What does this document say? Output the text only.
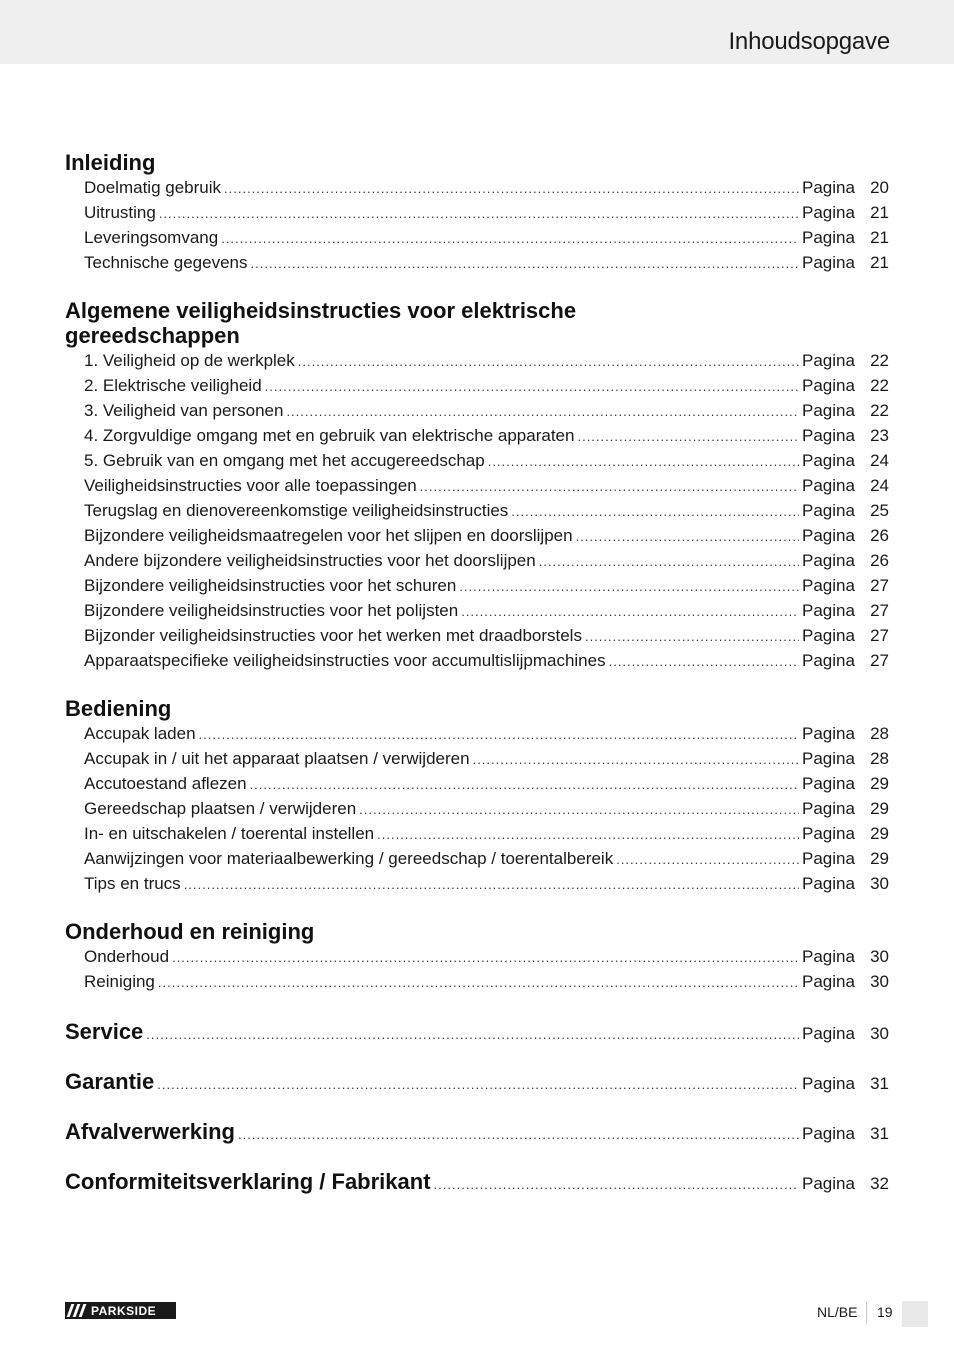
Inhoudsopgave
Inleiding
Doelmatig gebruik .....	Pagina 20
Uitrusting .....	Pagina 21
Leveringsomvang .....	Pagina 21
Technische gegevens .....	Pagina 21
Algemene veiligheidsinstructies voor elektrische
gereedschappen
1. Veiligheid op de werkplek .....	Pagina 22
2. Elektrische veiligheid .....	Pagina 22
3. Veiligheid van personen .....	Pagina 22
4. Zorgvuldige omgang met en gebruik van elektrische apparaten .....	Pagina 23
5. Gebruik van en omgang met het accugereedschap .....	Pagina 24
Veiligheidsinstructies voor alle toepassingen .....	Pagina 24
Terugslag en dienovereenkomstige veiligheidsinstructies .....	Pagina 25
Bijzondere veiligheidsmaatregelen voor het slijpen en doorslijpen .....	Pagina 26
Andere bijzondere veiligheidsinstructies voor het doorslijpen .....	Pagina 26
Bijzondere veiligheidsinstructies voor het schuren .....	Pagina 27
Bijzondere veiligheidsinstructies voor het polijsten .....	Pagina 27
Bijzonder veiligheidsinstructies voor het werken met draadborstels .....	Pagina 27
Apparaatspecifieke veiligheidsinstructies voor accumultislijpmachines .....	Pagina 27
Bediening
Accupak laden .....	Pagina 28
Accupak in / uit het apparaat plaatsen / verwijderen .....	Pagina 28
Accutoestand aflezen .....	Pagina 29
Gereedschap plaatsen / verwijderen .....	Pagina 29
In- en uitschakelen / toerental instellen .....	Pagina 29
Aanwijzingen voor materiaalbewerking / gereedschap / toerentalbereik .....	Pagina 29
Tips en trucs .....	Pagina 30
Onderhoud en reiniging
Onderhoud .....	Pagina 30
Reiniging .....	Pagina 30
Service .....	Pagina 30
Garantie .....	Pagina 31
Afvalverwerking .....	Pagina 31
Conformiteitsverklaring / Fabrikant .....	Pagina 32
PARKSIDE	NL/BE 19
